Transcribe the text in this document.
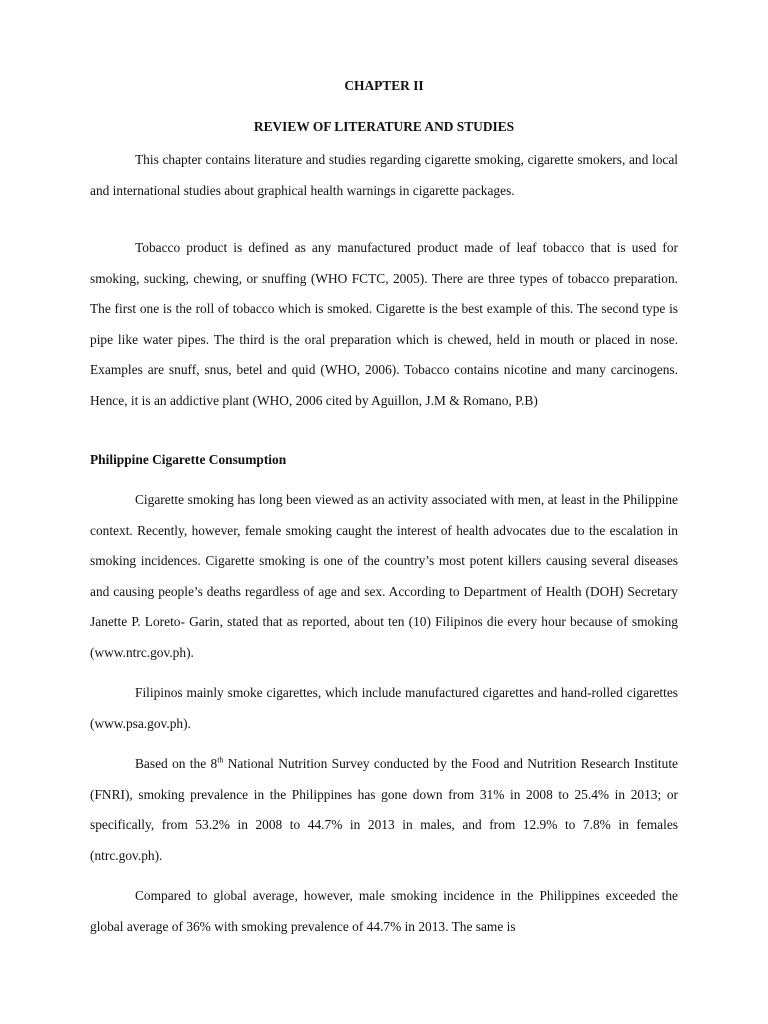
CHAPTER II
REVIEW OF LITERATURE AND STUDIES

This chapter contains literature and studies regarding cigarette smoking, cigarette smokers, and local and international studies about graphical health warnings in cigarette packages.

Tobacco product is defined as any manufactured product made of leaf tobacco that is used for smoking, sucking, chewing, or snuffing (WHO FCTC, 2005). There are three types of tobacco preparation. The first one is the roll of tobacco which is smoked. Cigarette is the best example of this. The second type is pipe like water pipes. The third is the oral preparation which is chewed, held in mouth or placed in nose. Examples are snuff, snus, betel and quid (WHO, 2006). Tobacco contains nicotine and many carcinogens. Hence, it is an addictive plant (WHO, 2006 cited by Aguillon, J.M & Romano, P.B)

Philippine Cigarette Consumption

Cigarette smoking has long been viewed as an activity associated with men, at least in the Philippine context. Recently, however, female smoking caught the interest of health advocates due to the escalation in smoking incidences. Cigarette smoking is one of the country’s most potent killers causing several diseases and causing people’s deaths regardless of age and sex. According to Department of Health (DOH) Secretary Janette P. Loreto- Garin, stated that as reported, about ten (10) Filipinos die every hour because of smoking (www.ntrc.gov.ph).

Filipinos mainly smoke cigarettes, which include manufactured cigarettes and hand-rolled cigarettes (www.psa.gov.ph).

Based on the 8th National Nutrition Survey conducted by the Food and Nutrition Research Institute (FNRI), smoking prevalence in the Philippines has gone down from 31% in 2008 to 25.4% in 2013; or specifically, from 53.2% in 2008 to 44.7% in 2013 in males, and from 12.9% to 7.8% in females (ntrc.gov.ph).

Compared to global average, however, male smoking incidence in the Philippines exceeded the global average of 36% with smoking prevalence of 44.7% in 2013. The same is
